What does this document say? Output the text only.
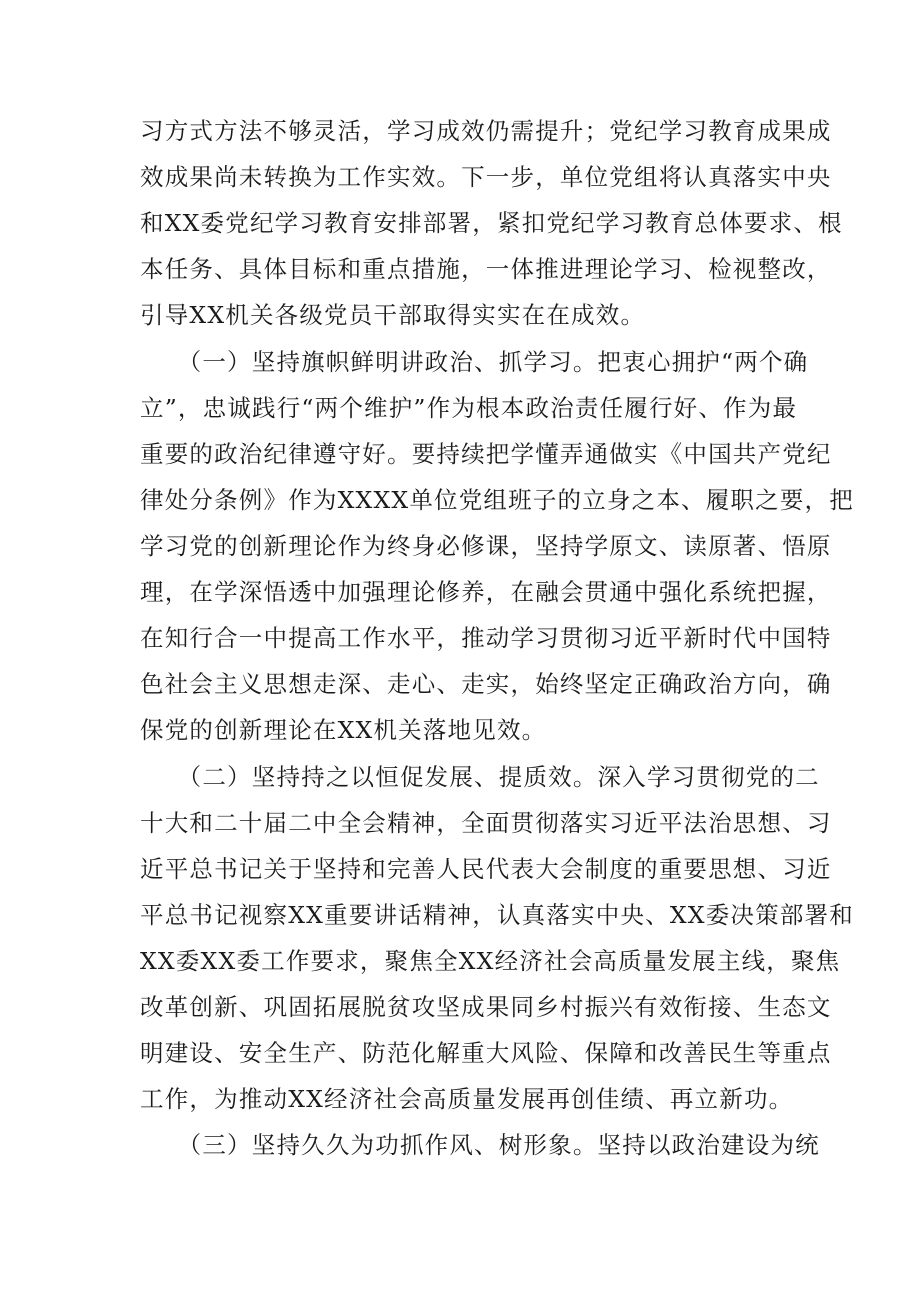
习方式方法不够灵活，学习成效仍需提升；党纪学习教育成果成
效成果尚未转换为工作实效。下一步，单位党组将认真落实中央
和XX委党纪学习教育安排部署，紧扣党纪学习教育总体要求、根
本任务、具体目标和重点措施，一体推进理论学习、检视整改，
引导XX机关各级党员干部取得实实在在成效。
　　（一）坚持旗帜鲜明讲政治、抓学习。把衷心拥护“两个确
立”，忠诚践行“两个维护”作为根本政治责任履行好、作为最
重要的政治纪律遵守好。要持续把学懂弄通做实《中国共产党纪
律处分条例》作为XXXX单位党组班子的立身之本、履职之要，把
学习党的创新理论作为终身必修课，坚持学原文、读原著、悟原
理，在学深悟透中加强理论修养，在融会贯通中强化系统把握，
在知行合一中提高工作水平，推动学习贯彻习近平新时代中国特
色社会主义思想走深、走心、走实，始终坚定正确政治方向，确
保党的创新理论在XX机关落地见效。
　　（二）坚持持之以恒促发展、提质效。深入学习贯彻党的二
十大和二十届二中全会精神，全面贯彻落实习近平法治思想、习
近平总书记关于坚持和完善人民代表大会制度的重要思想、习近
平总书记视察XX重要讲话精神，认真落实中央、XX委决策部署和
XX委XX委工作要求，聚焦全XX经济社会高质量发展主线，聚焦
改革创新、巩固拓展脱贫攻坚成果同乡村振兴有效衔接、生态文
明建设、安全生产、防范化解重大风险、保障和改善民生等重点
工作，为推动XX经济社会高质量发展再创佳绩、再立新功。
　　（三）坚持久久为功抓作风、树形象。坚持以政治建设为统
